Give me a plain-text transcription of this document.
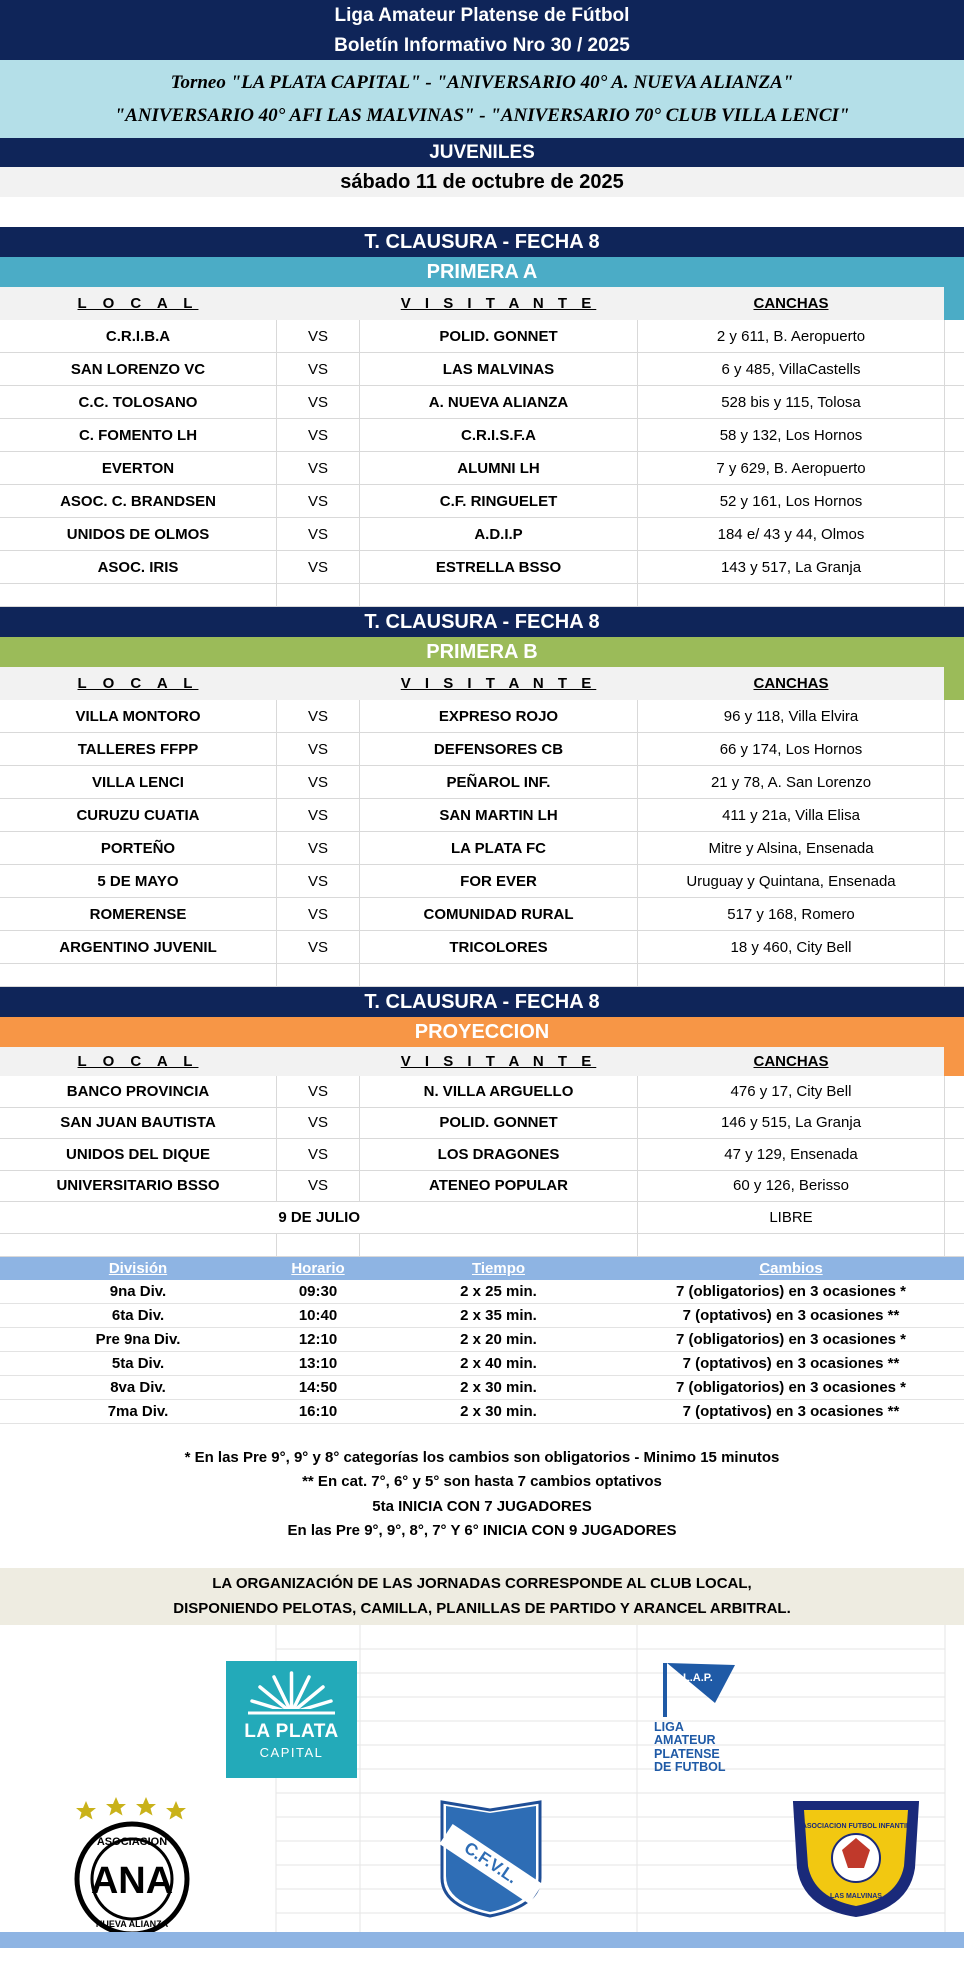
Liga Amateur Platense de Fútbol
Boletín Informativo Nro 30 / 2025
Torneo "LA PLATA CAPITAL" - "ANIVERSARIO 40° A. NUEVA ALIANZA"
"ANIVERSARIO 40° AFI LAS MALVINAS" - "ANIVERSARIO 70° CLUB VILLA LENCI"
JUVENILES
sábado 11 de octubre de 2025
T. CLAUSURA - FECHA 8
PRIMERA A
L O C A L	V I S I T A N T E	CANCHAS
C.R.I.B.A	VS	POLID. GONNET	2 y 611, B. Aeropuerto
SAN LORENZO VC	VS	LAS MALVINAS	6 y 485, VillaCastells
C.C. TOLOSANO	VS	A. NUEVA ALIANZA	528 bis y 115, Tolosa
C. FOMENTO LH	VS	C.R.I.S.F.A	58 y 132, Los Hornos
EVERTON	VS	ALUMNI LH	7 y 629, B. Aeropuerto
ASOC. C. BRANDSEN	VS	C.F. RINGUELET	52 y 161, Los Hornos
UNIDOS DE OLMOS	VS	A.D.I.P	184 e/ 43 y 44, Olmos
ASOC. IRIS	VS	ESTRELLA BSSO	143 y 517, La Granja
T. CLAUSURA - FECHA 8
PRIMERA B
L O C A L	V I S I T A N T E	CANCHAS
VILLA MONTORO	VS	EXPRESO ROJO	96 y 118, Villa Elvira
TALLERES FFPP	VS	DEFENSORES CB	66 y 174, Los Hornos
VILLA LENCI	VS	PEÑAROL INF.	21 y 78, A. San Lorenzo
CURUZU CUATIA	VS	SAN MARTIN LH	411 y 21a, Villa Elisa
PORTEÑO	VS	LA PLATA FC	Mitre y Alsina, Ensenada
5 DE MAYO	VS	FOR EVER	Uruguay y Quintana, Ensenada
ROMERENSE	VS	COMUNIDAD RURAL	517 y 168, Romero
ARGENTINO JUVENIL	VS	TRICOLORES	18 y 460, City Bell
T. CLAUSURA - FECHA 8
PROYECCION
L O C A L	V I S I T A N T E	CANCHAS
BANCO PROVINCIA	VS	N. VILLA ARGUELLO	476 y 17, City Bell
SAN JUAN BAUTISTA	VS	POLID. GONNET	146 y 515, La Granja
UNIDOS DEL DIQUE	VS	LOS DRAGONES	47 y 129, Ensenada
UNIVERSITARIO BSSO	VS	ATENEO POPULAR	60 y 126, Berisso
9 DE JULIO	LIBRE
División	Horario	Tiempo	Cambios
9na Div.	09:30	2 x 25 min.	7 (obligatorios) en 3 ocasiones *
6ta Div.	10:40	2 x 35 min.	7 (optativos) en 3 ocasiones **
Pre 9na Div.	12:10	2 x 20 min.	7 (obligatorios) en 3 ocasiones *
5ta Div.	13:10	2 x 40 min.	7 (optativos) en 3 ocasiones **
8va Div.	14:50	2 x 30 min.	7 (obligatorios) en 3 ocasiones *
7ma Div.	16:10	2 x 30 min.	7 (optativos) en 3 ocasiones **
* En las Pre 9°, 9° y 8° categorías los cambios son obligatorios - Minimo 15 minutos
** En cat. 7°, 6° y 5° son hasta 7 cambios optativos
5ta INICIA CON 7 JUGADORES
En las Pre 9°, 9°, 8°, 7° Y 6° INICIA CON 9 JUGADORES
LA ORGANIZACIÓN DE LAS JORNADAS CORRESPONDE AL CLUB LOCAL,
DISPONIENDO PELOTAS, CAMILLA, PLANILLAS DE PARTIDO Y ARANCEL ARBITRAL.
LA PLATA
CAPITAL
L.A.P.
LIGA
AMATEUR
PLATENSE
DE FUTBOL
ASOCIACION
ANA
NUEVA ALIANZA
C.F.V.L.
ASOCIACION FUTBOL INFANTIL
LAS MALVINAS
